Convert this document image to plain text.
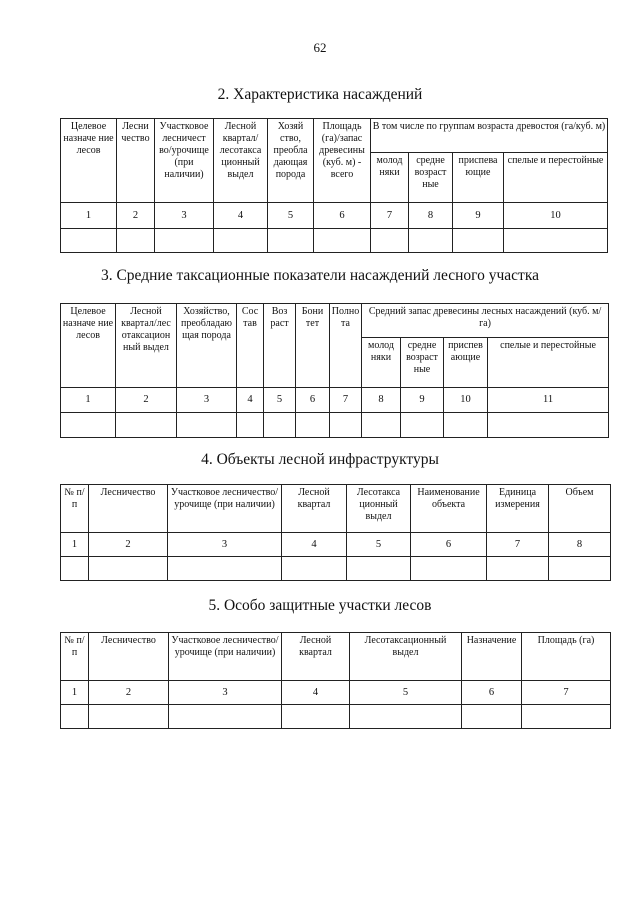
62
2. Характеристика насаждений
Целевое назначе ние лесов	Лесни чество	Участковое лесничест во/урочище (при наличии)	Лесной квартал/ лесотакса ционный выдел	Хозяй ство, преобла дающая порода	Площадь (га)/запас древесины (куб. м) - всего	В том числе по группам возраста древостоя (га/куб. м)			
						молод няки	средне возраст ные	приспева ющие	спелые и перестойные
1	2	3	4	5	6	7	8	9	10

3. Средние таксационные показатели насаждений лесного участка
Целевое назначе ние лесов	Лесной квартал/лес отаксацион ный выдел	Хозяйство, преобладаю щая порода	Сос тав	Воз раст	Бони тет	Полно та	Средний запас древесины лесных насаждений (куб. м/га)			
							молод няки	средне возраст ные	приспев ающие	спелые и перестойные
1	2	3	4	5	6	7	8	9	10	11

4. Объекты лесной инфраструктуры
№ п/п	Лесничество	Участковое лесничество/ урочище (при наличии)	Лесной квартал	Лесотакса ционный выдел	Наименование объекта	Единица измерения	Объем
1	2	3	4	5	6	7	8

5. Особо защитные участки лесов
№ п/п	Лесничество	Участковое лесничество/урочище (при наличии)	Лесной квартал	Лесотаксационный выдел	Назначение	Площадь (га)
1	2	3	4	5	6	7
